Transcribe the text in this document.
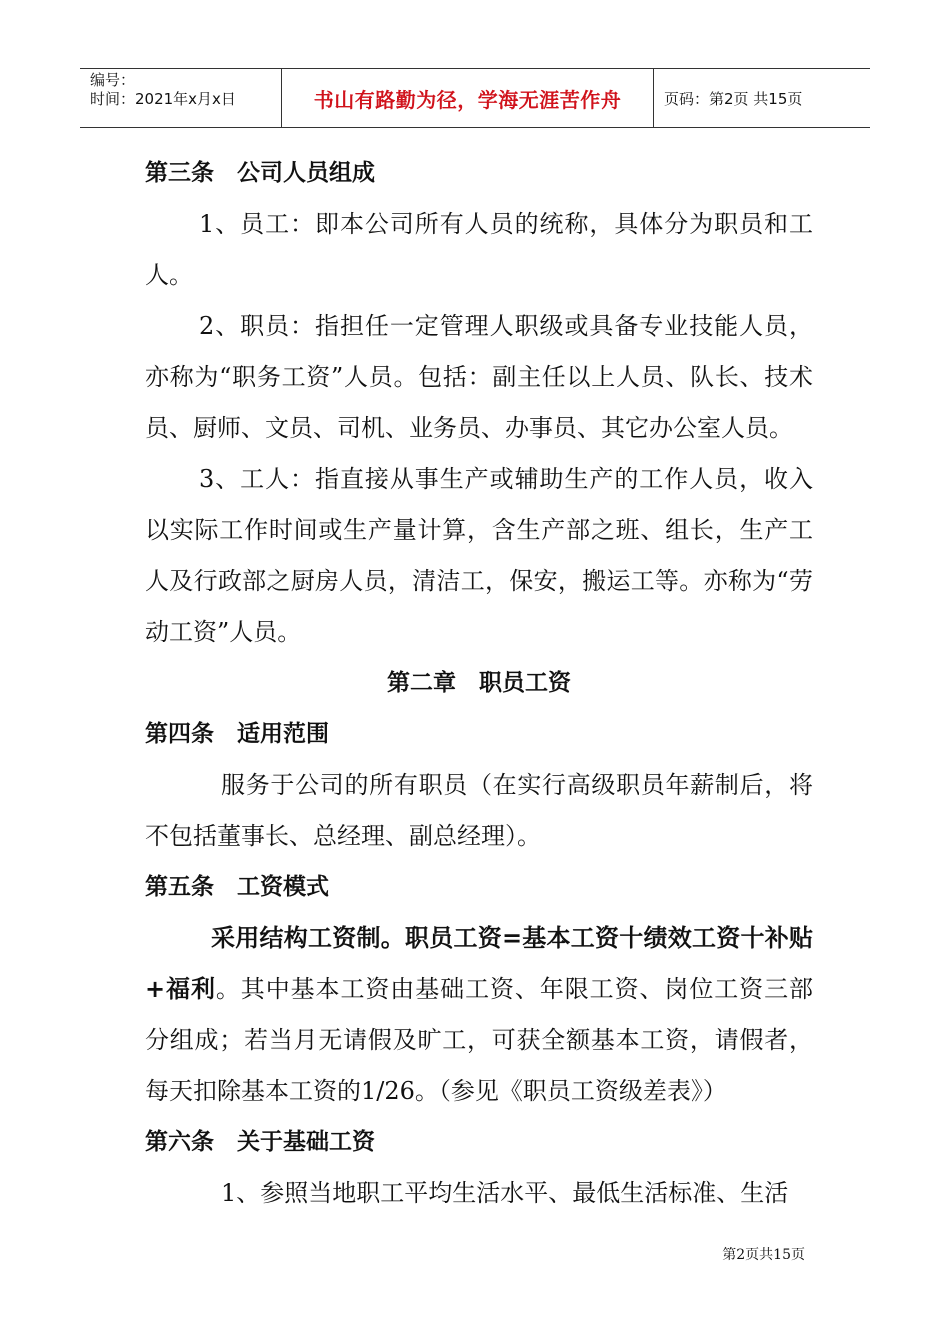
编号：
时间：2021年x月x日	书山有路勤为径，学海无涯苦作舟	页码：第2页 共15页

第三条　公司人员组成

1、员工：即本公司所有人员的统称，具体分为职员和工人。

2、职员：指担任一定管理人职级或具备专业技能人员，亦称为“职务工资”人员。包括：副主任以上人员、队长、技术员、厨师、文员、司机、业务员、办事员、其它办公室人员。

3、工人：指直接从事生产或辅助生产的工作人员，收入以实际工作时间或生产量计算，含生产部之班、组长，生产工人及行政部之厨房人员，清洁工，保安，搬运工等。亦称为“劳动工资”人员。

第二章　职员工资

第四条　适用范围

服务于公司的所有职员（在实行高级职员年薪制后，将不包括董事长、总经理、副总经理）。

第五条　工资模式

采用结构工资制。职员工资=基本工资十绩效工资十补贴+福利。其中基本工资由基础工资、年限工资、岗位工资三部分组成；若当月无请假及旷工，可获全额基本工资，请假者，每天扣除基本工资的1/26。（参见《职员工资级差表》）

第六条　关于基础工资

1、参照当地职工平均生活水平、最低生活标准、生活

第2页共15页
